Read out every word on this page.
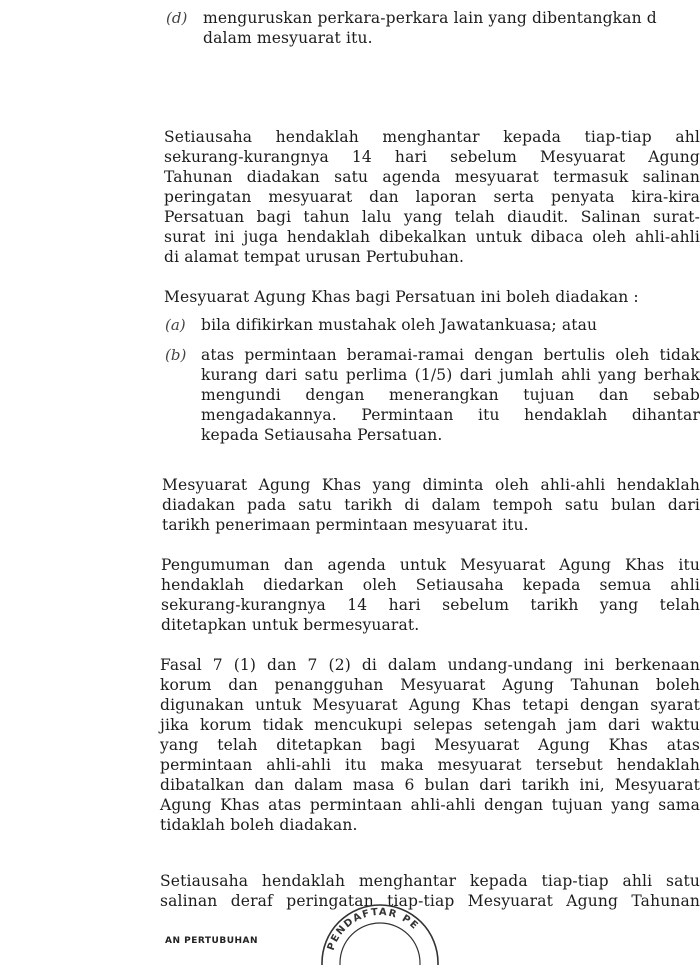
(d) menguruskan perkara-perkara lain yang dibentangkan d
dalam mesyuarat itu.
Setiausaha hendaklah menghantar kepada tiap-tiap ahl
sekurang-kurangnya 14 hari sebelum Mesyuarat Agung
Tahunan diadakan satu agenda mesyuarat termasuk salinan
peringatan mesyuarat dan laporan serta penyata kira-kira
Persatuan bagi tahun lalu yang telah diaudit. Salinan surat-
surat ini juga hendaklah dibekalkan untuk dibaca oleh ahli-ahli
di alamat tempat urusan Pertubuhan.
Mesyuarat Agung Khas bagi Persatuan ini boleh diadakan :
(a) bila difikirkan mustahak oleh Jawatankuasa; atau
(b) atas permintaan beramai-ramai dengan bertulis oleh tidak
kurang dari satu perlima (1/5) dari jumlah ahli yang berhak
mengundi dengan menerangkan tujuan dan sebab
mengadakannya. Permintaan itu hendaklah dihantar
kepada Setiausaha Persatuan.
Mesyuarat Agung Khas yang diminta oleh ahli-ahli hendaklah
diadakan pada satu tarikh di dalam tempoh satu bulan dari
tarikh penerimaan permintaan mesyuarat itu.
Pengumuman dan agenda untuk Mesyuarat Agung Khas itu
hendaklah diedarkan oleh Setiausaha kepada semua ahli
sekurang-kurangnya 14 hari sebelum tarikh yang telah
ditetapkan untuk bermesyuarat.
Fasal 7 (1) dan 7 (2) di dalam undang-undang ini berkenaan
korum dan penangguhan Mesyuarat Agung Tahunan boleh
digunakan untuk Mesyuarat Agung Khas tetapi dengan syarat
jika korum tidak mencukupi selepas setengah jam dari waktu
yang telah ditetapkan bagi Mesyuarat Agung Khas atas
permintaan ahli-ahli itu maka mesyuarat tersebut hendaklah
dibatalkan dan dalam masa 6 bulan dari tarikh ini, Mesyuarat
Agung Khas atas permintaan ahli-ahli dengan tujuan yang sama
tidaklah boleh diadakan.
Setiausaha hendaklah menghantar kepada tiap-tiap ahli satu
salinan deraf peringatan tiap-tiap Mesyuarat Agung Tahunan
PENDAFTAR PE
AN PERTUBUHAN
